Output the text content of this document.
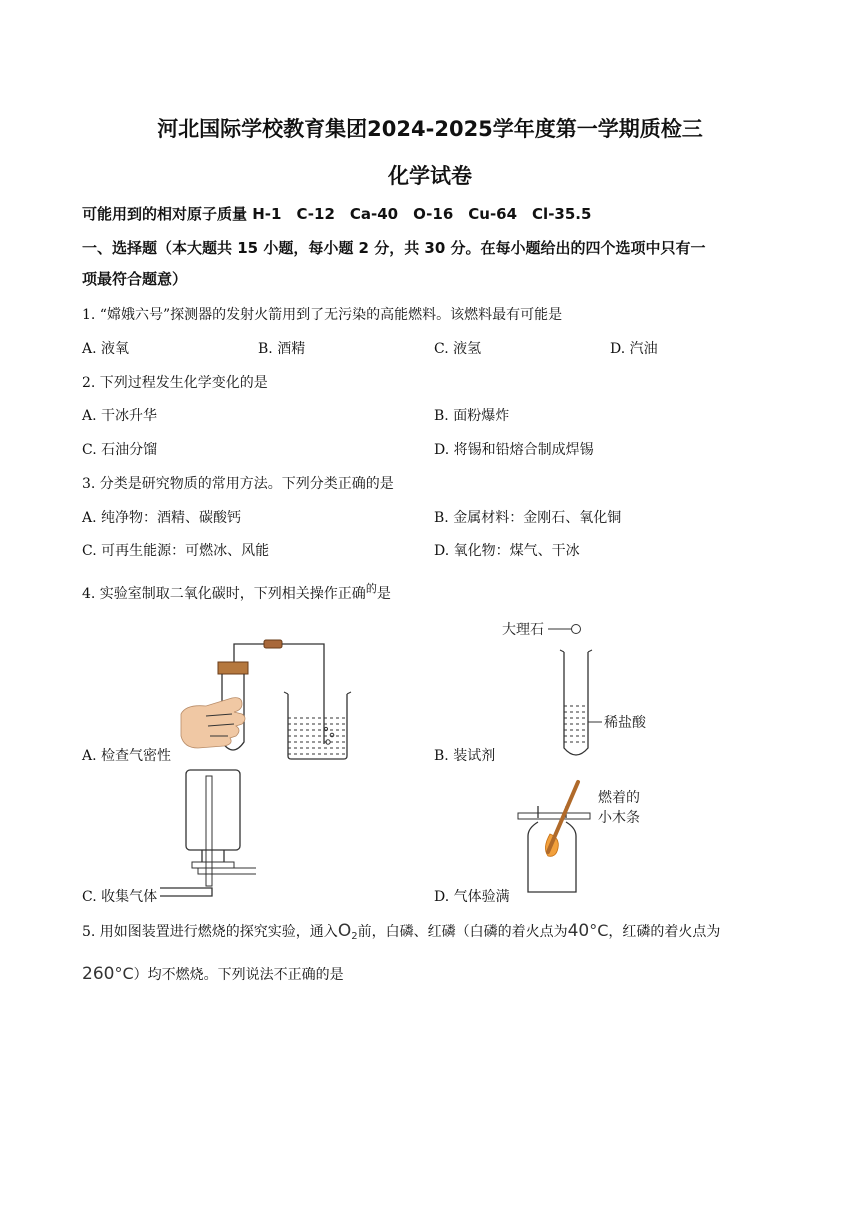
河北国际学校教育集团2024-2025学年度第一学期质检三
化学试卷
可能用到的相对原子质量 H-1　C-12　Ca-40　O-16　Cu-64　Cl-35.5
一、选择题（本大题共 15 小题，每小题 2 分，共 30 分。在每小题给出的四个选项中只有一
项最符合题意）
1. “嫦娥六号”探测器的发射火箭用到了无污染的高能燃料。该燃料最有可能是
A. 液氧	B. 酒精	C. 液氢	D. 汽油
2. 下列过程发生化学变化的是
A. 干冰升华	B. 面粉爆炸
C. 石油分馏	D. 将锡和铅熔合制成焊锡
3. 分类是研究物质的常用方法。下列分类正确的是
A. 纯净物：酒精、碳酸钙	B. 金属材料：金刚石、氧化铜
C. 可再生能源：可燃冰、风能	D. 氧化物：煤气、干冰
4. 实验室制取二氧化碳时，下列相关操作正确$^的$是
A. 检查气密性
大理石
稀盐酸
B. 装试剂
C. 收集气体
燃着的
小木条
D. 气体验满
5. 用如图装置进行燃烧的探究实验，通入$O_2$前，白磷、红磷（白磷的着火点为40°C，红磷的着火点为
260°C）均不燃烧。下列说法不正确的是
